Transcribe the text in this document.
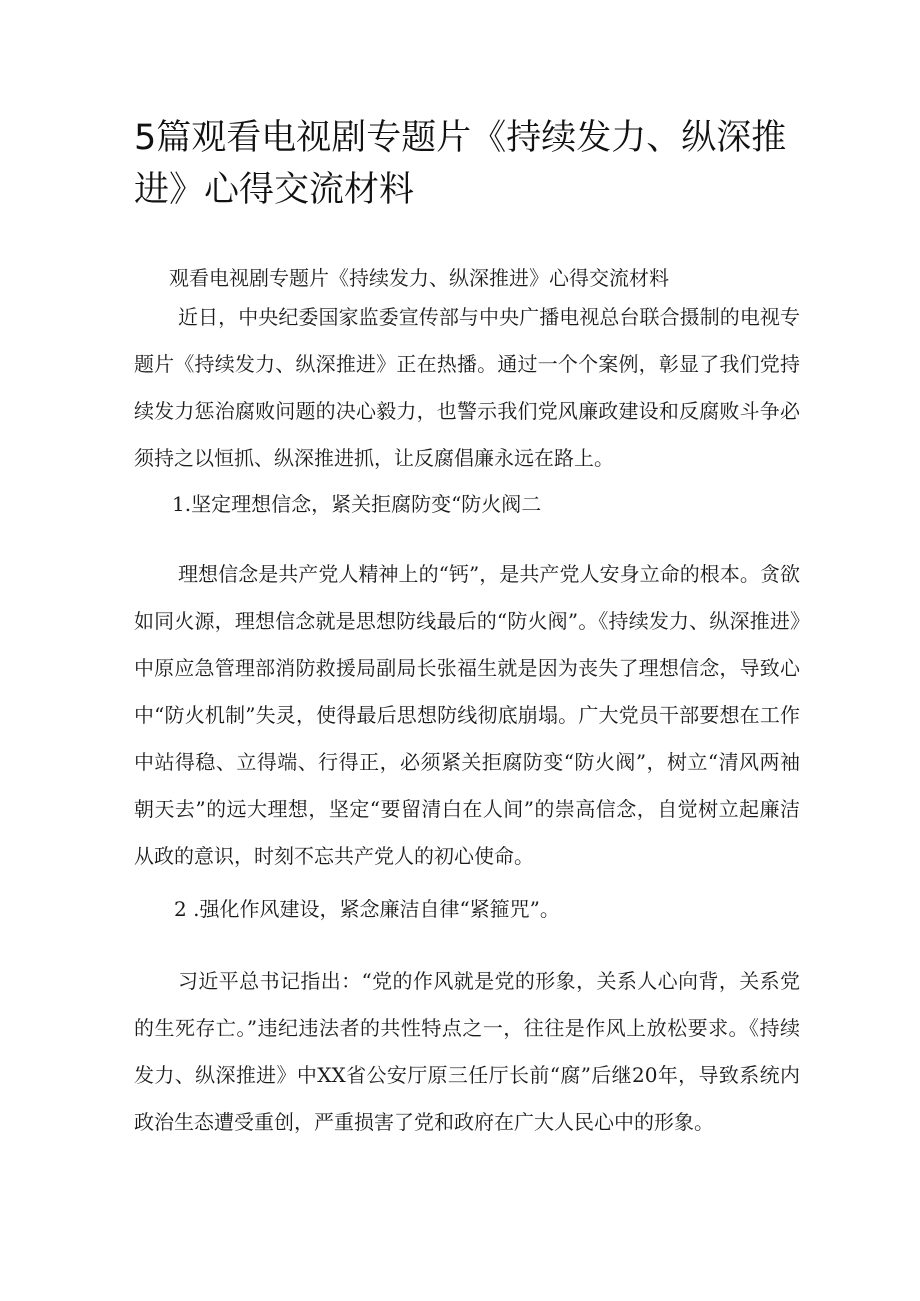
5篇观看电视剧专题片《持续发力、纵深推进》心得交流材料

观看电视剧专题片《持续发力、纵深推进》心得交流材料

近日，中央纪委国家监委宣传部与中央广播电视总台联合摄制的电视专题片《持续发力、纵深推进》正在热播。通过一个个案例，彰显了我们党持续发力惩治腐败问题的决心毅力，也警示我们党风廉政建设和反腐败斗争必须持之以恒抓、纵深推进抓，让反腐倡廉永远在路上。

1.坚定理想信念，紧关拒腐防变“防火阀二

理想信念是共产党人精神上的“钙”，是共产党人安身立命的根本。贪欲如同火源，理想信念就是思想防线最后的“防火阀”。《持续发力、纵深推进》中原应急管理部消防救援局副局长张福生就是因为丧失了理想信念，导致心中“防火机制”失灵，使得最后思想防线彻底崩塌。广大党员干部要想在工作中站得稳、立得端、行得正，必须紧关拒腐防变“防火阀”，树立“清风两袖朝天去”的远大理想，坚定“要留清白在人间”的崇高信念，自觉树立起廉洁从政的意识，时刻不忘共产党人的初心使命。

2 .强化作风建设，紧念廉洁自律“紧箍咒”。

习近平总书记指出：“党的作风就是党的形象，关系人心向背，关系党的生死存亡。”违纪违法者的共性特点之一，往往是作风上放松要求。《持续发力、纵深推进》中XX省公安厅原三任厅长前“腐”后继20年，导致系统内政治生态遭受重创，严重损害了党和政府在广大人民心中的形象。
